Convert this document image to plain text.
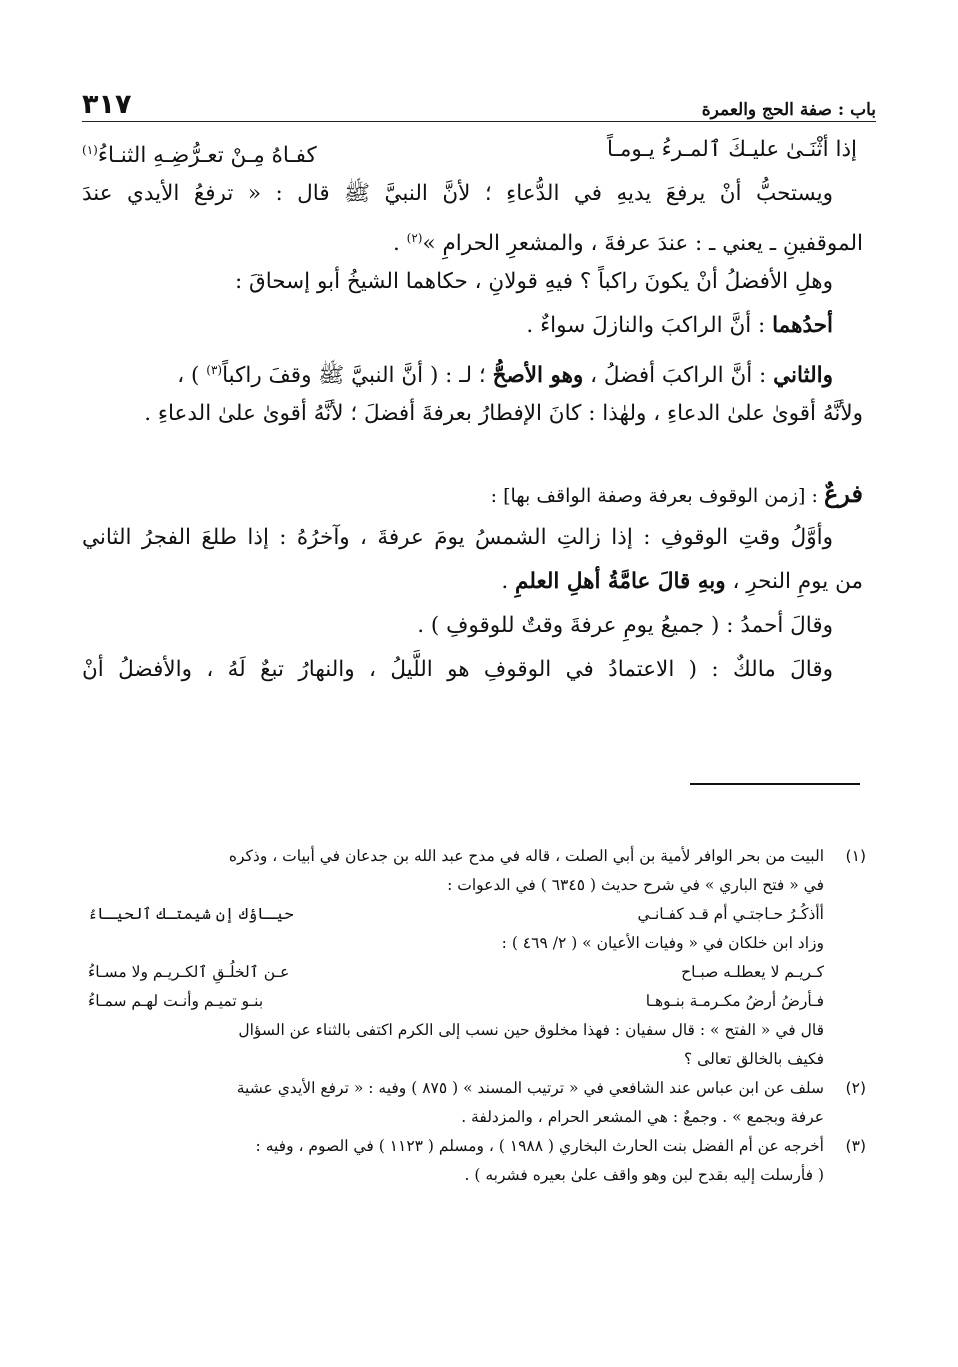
باب : صفة الحج والعمرة
٣١٧
إذا أثْنَـىٰ عليـكَ ٱلمـرءُ يـومـاً
كفـاهُ مِـنْ تعـرُّضِـهِ الثنـاءُ$^{(١)}$
ويستحبُّ أنْ يرفعَ يديهِ في الدُّعاءِ ؛ لأنَّ النبيَّ ﷺ قال : « ترفعُ الأيدي عندَ
الموقفينِ ـ يعني ـ : عندَ عرفةَ ، والمشعرِ الحرامِ »$^{(٢)}$ .
وهلِ الأفضلُ أنْ يكونَ راكباً ؟ فيهِ قولانِ ، حكاهما الشيخُ أبو إسحاقَ :
أحدُهما : أنَّ الراكبَ والنازلَ سواءٌ .
والثاني : أنَّ الراكبَ أفضلُ ، وهو الأصحُّ ؛ لـ : ( أنَّ النبيَّ ﷺ وقفَ راكباً$^{(٣)}$ ) ،
ولأنَّهُ أقوىٰ علىٰ الدعاءِ ، ولهٰذا : كانَ الإفطارُ بعرفةَ أفضلَ ؛ لأنَّهُ أقوىٰ علىٰ الدعاءِ .
فرعٌ : [زمن الوقوف بعرفة وصفة الواقف بها] :
وأوَّلُ وقتِ الوقوفِ : إذا زالتِ الشمسُ يومَ عرفةَ ، وآخرُهُ : إذا طلعَ الفجرُ الثاني
من يومِ النحرِ ، وبهِ قالَ عامَّةُ أهلِ العلمِ .
وقالَ أحمدُ : ( جميعُ يومِ عرفةَ وقتٌ للوقوفِ ) .
وقالَ مالكٌ : ( الاعتمادُ في الوقوفِ هو اللَّيلُ ، والنهارُ تبعٌ لَهُ ، والأفضلُ أنْ
(١)
البيت من بحر الوافر لأمية بن أبي الصلت ، قاله في مدح عبد الله بن جدعان في أبيات ، وذكره
في « فتح الباري » في شرح حديث ( ٦٣٤٥ ) في الدعوات :
أأذكُـرُ حـاجتـي أم قـد كفـانـي
حيـاؤك إن شيمتـك ٱلحيـاءُ
وزاد ابن خلكان في « وفيات الأعيان » ( ٢/ ٤٦٩ ) :
كـريـم لا يعطلـه صبـاح
عـن ٱلخلُـقِ ٱلكـريـم ولا مسـاءُ
فـأرضُ أرضُ مكـرمـة بنـوهـا
بنـو تميـم وأنـت لهـم سمـاءُ
قال في « الفتح » : قال سفيان : فهذا مخلوق حين نسب إلى الكرم اكتفى بالثناء عن السؤال
فكيف بالخالق تعالى ؟
(٢)
سلف عن ابن عباس عند الشافعي في « ترتيب المسند » ( ٨٧٥ ) وفيه : « ترفع الأيدي عشية
عرفة وبجمع » . وجمعٌ : هي المشعر الحرام ، والمزدلفة .
(٣)
أخرجه عن أم الفضل بنت الحارث البخاري ( ١٩٨٨ ) ، ومسلم ( ١١٢٣ ) في الصوم ، وفيه :
( فأرسلت إليه بقدح لبن وهو واقف علىٰ بعيره فشربه ) .
